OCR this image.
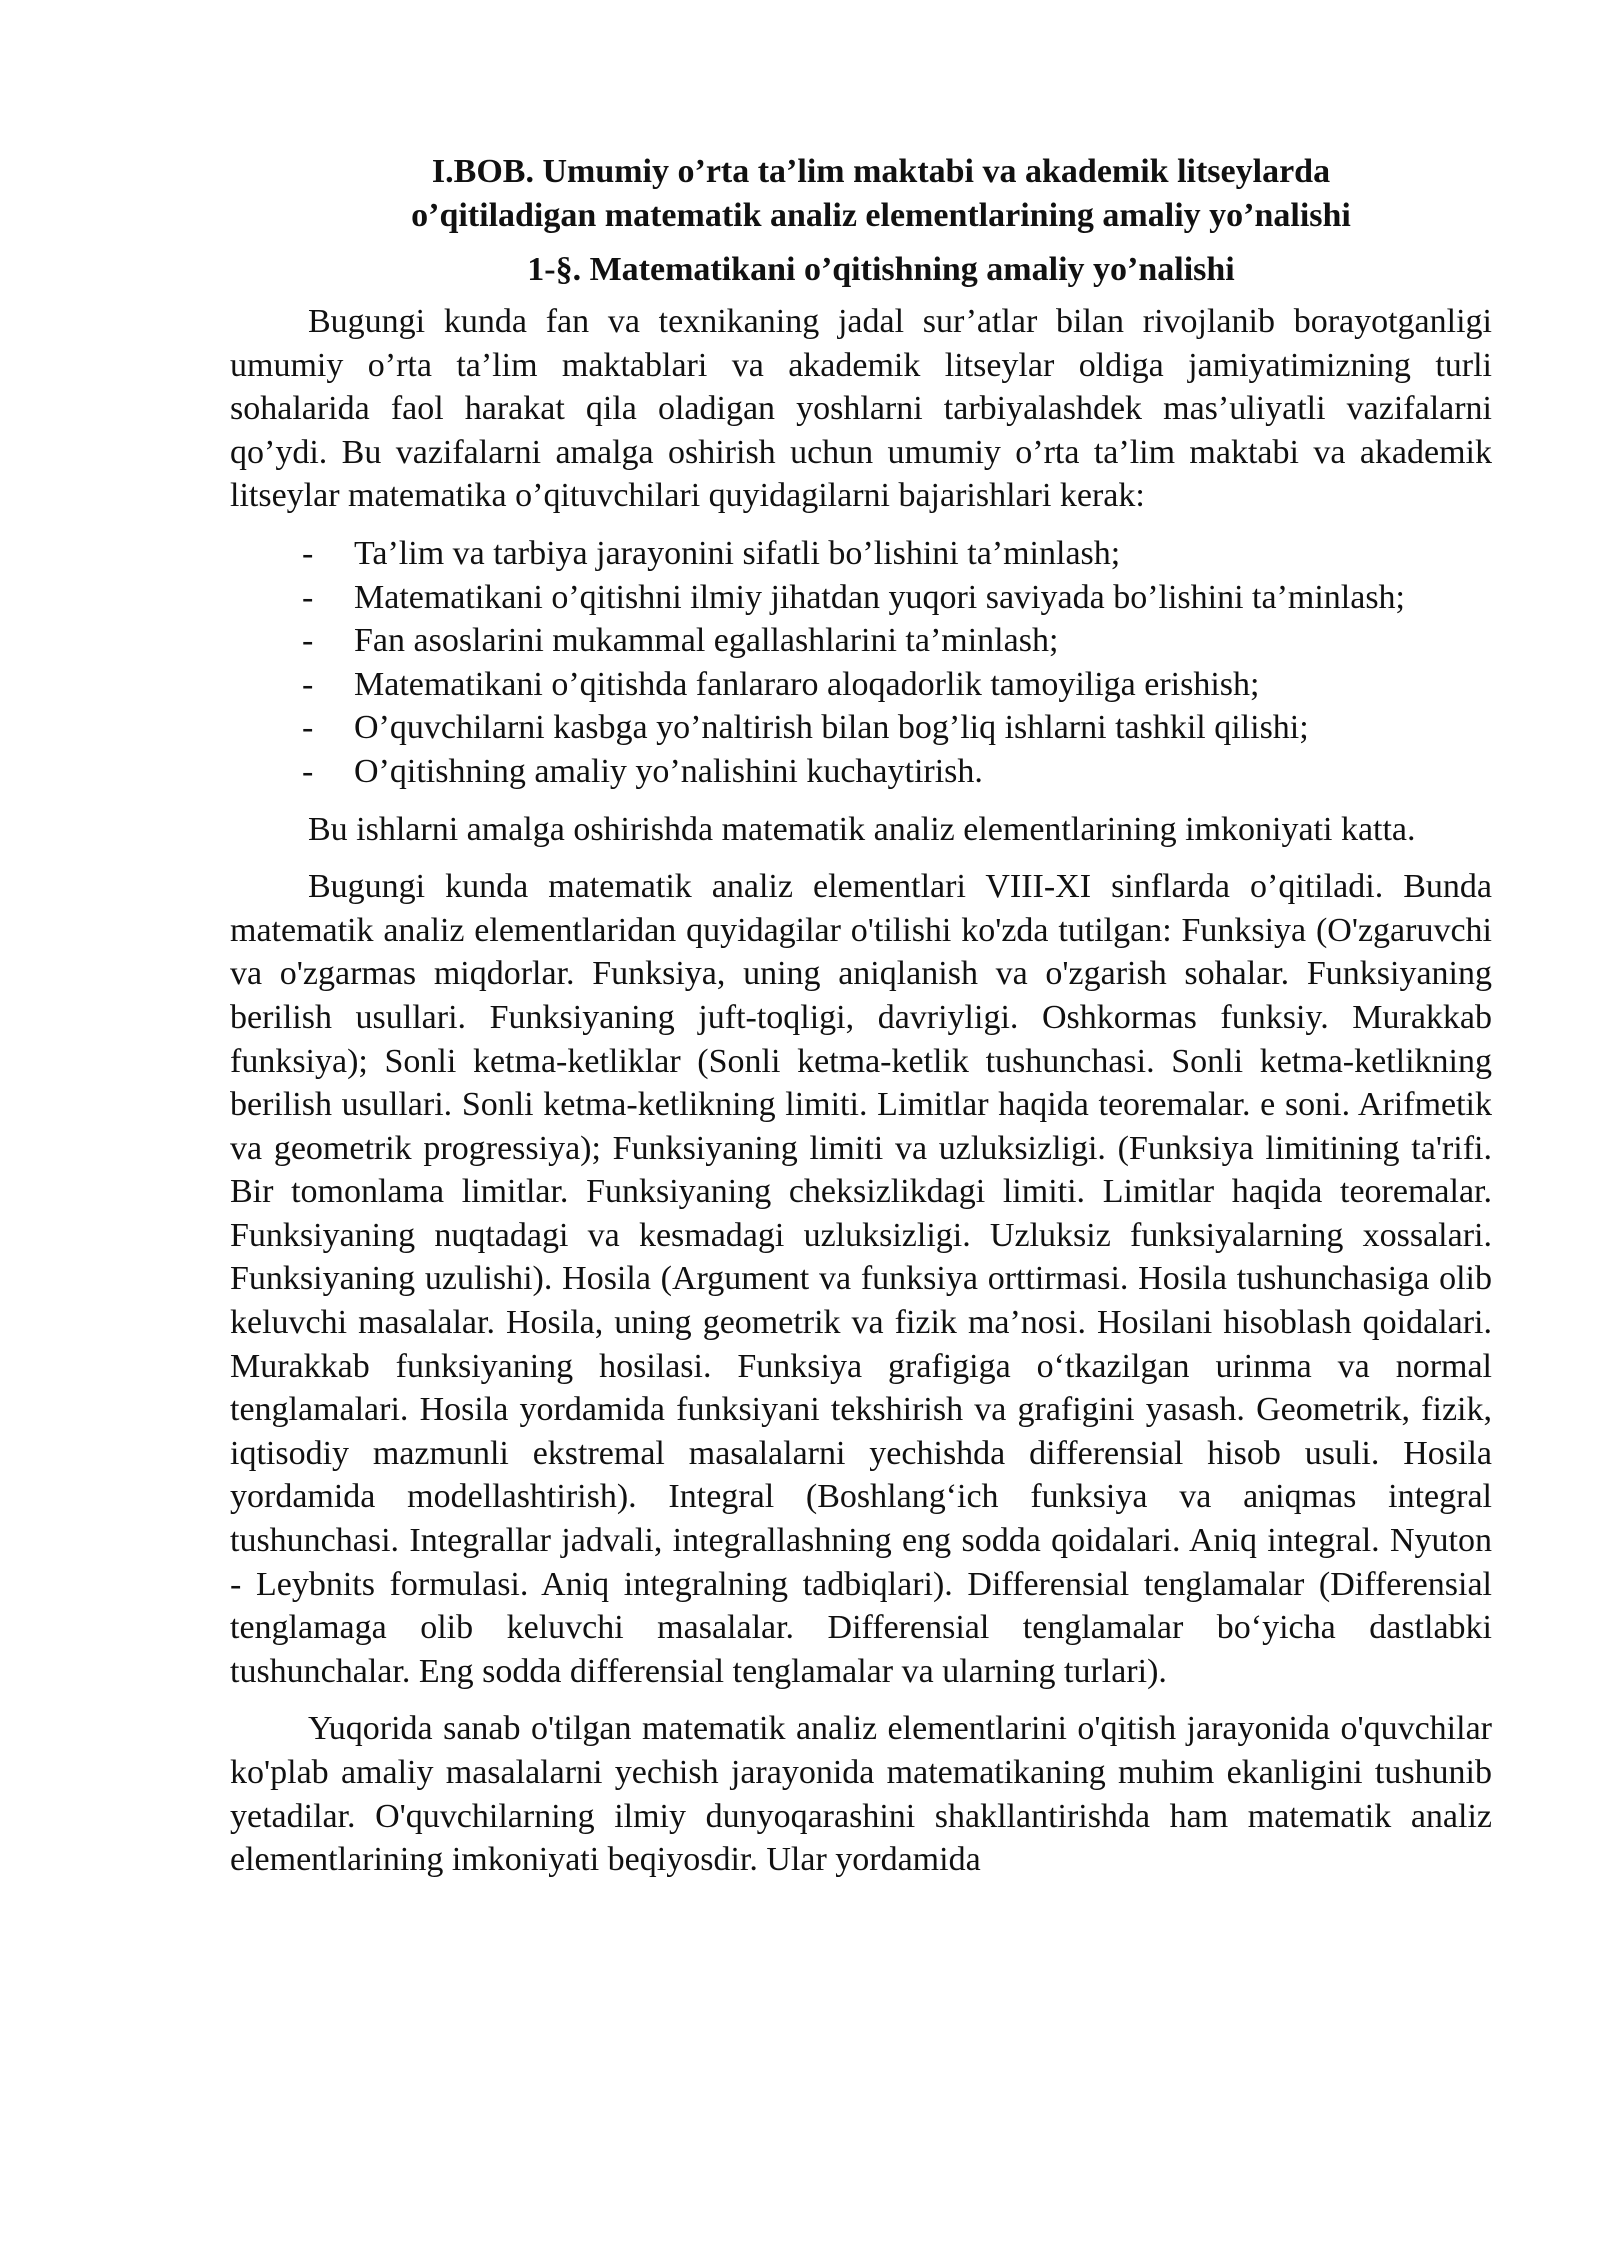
I.BOB. Umumiy o’rta ta’lim maktabi va akademik litseylarda
o’qitiladigan matematik analiz elementlarining amaliy yo’nalishi
1-§. Matematikani o’qitishning amaliy yo’nalishi

Bugungi kunda fan va texnikaning jadal sur’atlar bilan rivojlanib borayotganligi umumiy o’rta ta’lim maktablari va akademik litseylar oldiga jamiyatimizning turli sohalarida faol harakat qila oladigan yoshlarni tarbiyalashdek mas’uliyatli vazifalarni qo’ydi. Bu vazifalarni amalga oshirish uchun umumiy o’rta ta’lim maktabi va akademik litseylar matematika o’qituvchilari quyidagilarni bajarishlari kerak:

- Ta’lim va tarbiya jarayonini sifatli bo’lishini ta’minlash;
- Matematikani o’qitishni ilmiy jihatdan yuqori saviyada bo’lishini ta’minlash;
- Fan asoslarini mukammal egallashlarini ta’minlash;
- Matematikani o’qitishda fanlararo aloqadorlik tamoyiliga erishish;
- O’quvchilarni kasbga yo’naltirish bilan bog’liq ishlarni tashkil qilishi;
- O’qitishning amaliy yo’nalishini kuchaytirish.

Bu ishlarni amalga oshirishda matematik analiz elementlarining imkoniyati katta.

Bugungi kunda matematik analiz elementlari VIII-XI sinflarda o’qitiladi. Bunda matematik analiz elementlaridan quyidagilar o'tilishi ko'zda tutilgan: Funksiya (O'zgaruvchi va o'zgarmas miqdorlar. Funksiya, uning aniqlanish va o'zgarish sohalar. Funksiyaning berilish usullari. Funksiyaning juft-toqligi, davriyligi. Oshkormas funksiy. Murakkab funksiya); Sonli ketma-ketliklar (Sonli ketma-ketlik tushunchasi. Sonli ketma-ketlikning berilish usullari. Sonli ketma-ketlikning limiti. Limitlar haqida teoremalar. e soni. Arifmetik va geometrik progressiya); Funksiyaning limiti va uzluksizligi. (Funksiya limitining ta'rifi. Bir tomonlama limitlar. Funksiyaning cheksizlikdagi limiti. Limitlar haqida teoremalar. Funksiyaning nuqtadagi va kesmadagi uzluksizligi. Uzluksiz funksiyalarning xossalari. Funksiyaning uzulishi). Hosila (Argument va funksiya orttirmasi. Hosila tushunchasiga olib keluvchi masalalar. Hosila, uning geometrik va fizik ma’nosi. Hosilani hisoblash qoidalari. Murakkab funksiyaning hosilasi. Funksiya grafigiga o‘tkazilgan urinma va normal tenglamalari. Hosila yordamida funksiyani tekshirish va grafigini yasash. Geometrik, fizik, iqtisodiy mazmunli ekstremal masalalarni yechishda differensial hisob usuli. Hosila yordamida modellashtirish). Integral (Boshlang‘ich funksiya va aniqmas integral tushunchasi. Integrallar jadvali, integrallashning eng sodda qoidalari. Aniq integral. Nyuton - Leybnits formulasi. Aniq integralning tadbiqlari). Differensial tenglamalar (Differensial tenglamaga olib keluvchi masalalar. Differensial tenglamalar bo‘yicha dastlabki tushunchalar. Eng sodda differensial tenglamalar va ularning turlari).

Yuqorida sanab o'tilgan matematik analiz elementlarini o'qitish jarayonida o'quvchilar ko'plab amaliy masalalarni yechish jarayonida matematikaning muhim ekanligini tushunib yetadilar. O'quvchilarning ilmiy dunyoqarashini shakllantirishda ham matematik analiz elementlarining imkoniyati beqiyosdir. Ular yordamida
